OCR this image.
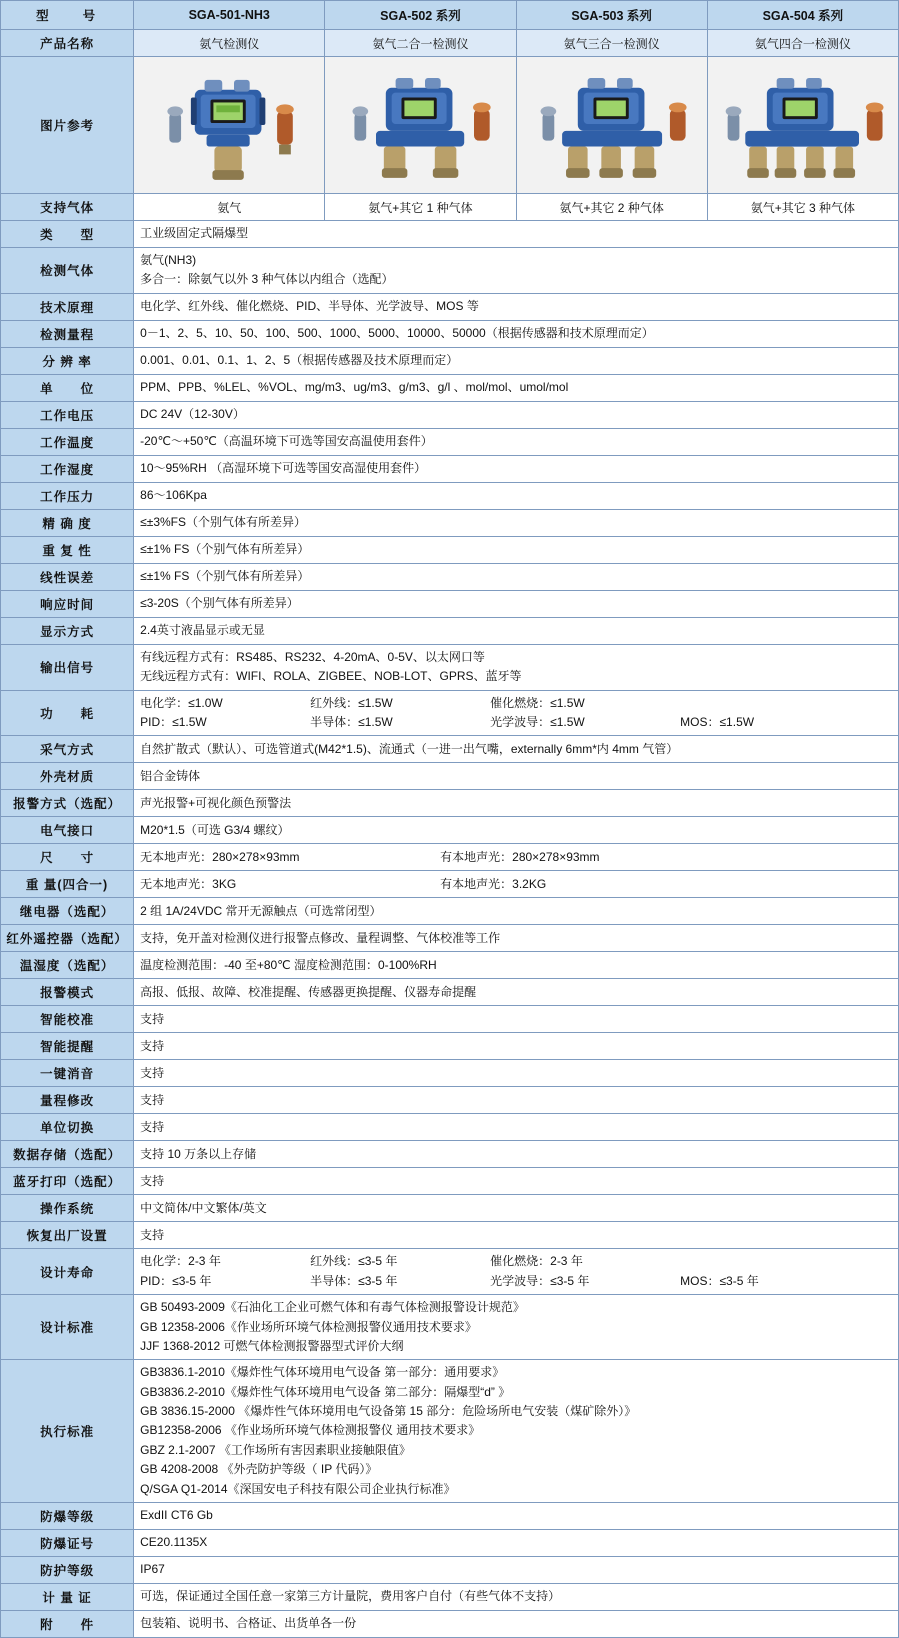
型　　号	SGA-501-NH3	SGA-502 系列	SGA-503 系列	SGA-504 系列
产品名称	氨气检测仪	氨气二合一检测仪	氨气三合一检测仪	氨气四合一检测仪
图片参考	

支持气体	氨气	氨气+其它 1 种气体	氨气+其它 2 种气体	氨气+其它 3 种气体
类　　型	工业级固定式隔爆型			
检测气体	氨气(NH3)
多合一：除氨气以外 3 种气体以内组合（选配）			

技术原理	电化学、红外线、催化燃烧、PID、半导体、光学波导、MOS 等			
检测量程	0－1、2、5、10、50、100、500、1000、5000、10000、50000（根据传感器和技术原理而定）			
分 辨 率	0.001、0.01、0.1、1、2、5（根据传感器及技术原理而定）			
单　　位	PPM、PPB、%LEL、%VOL、mg/m3、ug/m3、g/m3、g/l 、mol/mol、umol/mol			
工作电压	DC 24V（12-30V）			
工作温度	-20℃～+50℃（高温环境下可选等国安高温使用套件）			
工作湿度	10～95%RH （高湿环境下可选等国安高湿使用套件）			
工作压力	86～106Kpa			
精 确 度	≤±3%FS（个别气体有所差异）			
重 复 性	≤±1% FS（个别气体有所差异）			
线性误差	≤±1% FS（个别气体有所差异）			
响应时间	≤3-20S（个别气体有所差异）			
显示方式	2.4英寸液晶显示或无显			
输出信号	有线远程方式有：RS485、RS232、4-20mA、0-5V、以太网口等
无线远程方式有：WIFI、ROLA、ZIGBEE、NOB-LOT、GPRS、蓝牙等			

功　　耗	
电化学：≤1.0W	红外线：≤1.5W	催化燃烧：≤1.5W
PID：≤1.5W	半导体：≤1.5W	光学波导：≤1.5W	MOS：≤1.5W

采气方式	自然扩散式（默认）、可选管道式(M42*1.5)、流通式（一进一出气嘴，externally 6mm*内 4mm 气管）			
外壳材质	铝合金铸体			
报警方式（选配）	声光报警+可视化颜色预警法			
电气接口	M20*1.5（可选 G3/4 螺纹）			
尺　　寸	无本地声光：280×278×93mm 有本地声光：280×278×93mm			

重 量(四合一)	无本地声光：3KG 有本地声光：3.2KG			

继电器（选配）	2 组 1A/24VDC 常开无源触点（可选常闭型）			
红外遥控器（选配）	支持，免开盖对检测仪进行报警点修改、量程调整、气体校准等工作			
温湿度（选配）	温度检测范围：-40 至+80℃ 湿度检测范围：0-100%RH			
报警模式	高报、低报、故障、校准提醒、传感器更换提醒、仪器寿命提醒			
智能校准	支持			
智能提醒	支持			
一键消音	支持			
量程修改	支持			
单位切换	支持			
数据存储（选配）	支持 10 万条以上存储			
蓝牙打印（选配）	支持			
操作系统	中文简体/中文繁体/英文			
恢复出厂设置	支持			
设计寿命	
电化学：2-3 年	红外线：≤3-5 年	催化燃烧：2-3 年
PID：≤3-5 年	半导体：≤3-5 年	光学波导：≤3-5 年	MOS：≤3-5 年

设计标准	GB 50493-2009《石油化工企业可燃气体和有毒气体检测报警设计规范》
GB 12358-2006《作业场所环境气体检测报警仪通用技术要求》
JJF 1368-2012 可燃气体检测报警器型式评价大纲			

执行标准	
GB3836.1-2010《爆炸性气体环境用电气设备 第一部分：通用要求》
GB3836.2-2010《爆炸性气体环境用电气设备 第二部分：隔爆型“d” 》
GB 3836.15-2000 《爆炸性气体环境用电气设备第 15 部分：危险场所电气安装（煤矿除外）》
GB12358-2006 《作业场所环境气体检测报警仪 通用技术要求》
GBZ 2.1-2007 《工作场所有害因素职业接触限值》
GB 4208-2008 《外壳防护等级（ IP 代码）》
Q/SGA Q1-2014《深国安电子科技有限公司企业执行标准》

防爆等级	ExdII CT6 Gb			
防爆证号	CE20.1135X			
防护等级	IP67			
计 量 证	可选，保证通过全国任意一家第三方计量院，费用客户自付（有些气体不支持）			
附　　件	包装箱、说明书、合格证、出货单各一份			
